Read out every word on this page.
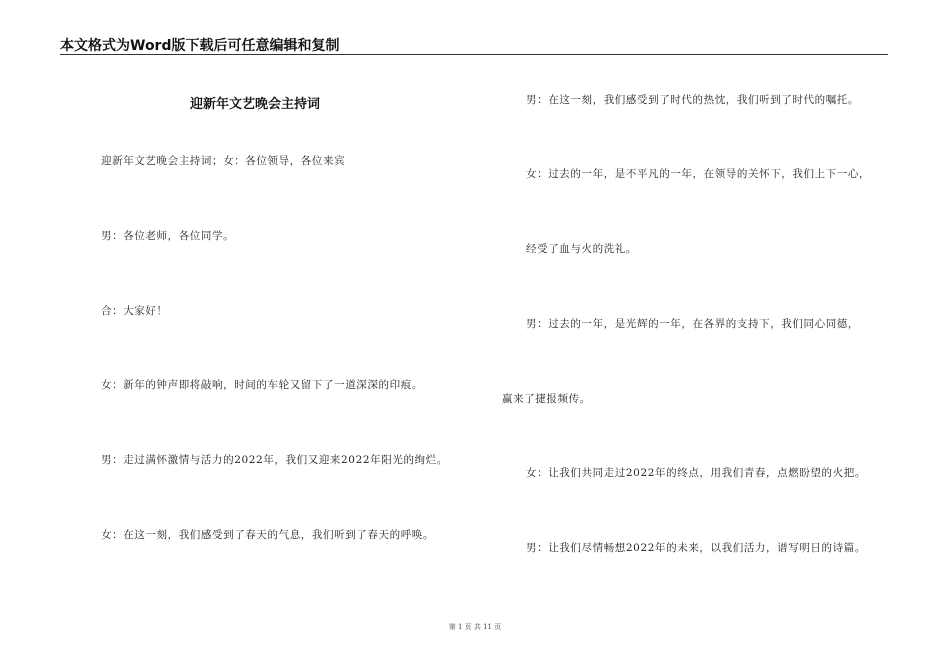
本文格式为Word版下载后可任意编辑和复制
迎新年文艺晚会主持词
迎新年文艺晚会主持词；女：各位领导，各位来宾
男：各位老师，各位同学。
合：大家好！
女：新年的钟声即将敲响，时间的车轮又留下了一道深深的印痕。
男：走过满怀激情与活力的2022年，我们又迎来2022年阳光的绚烂。
女：在这一刻，我们感受到了春天的气息，我们听到了春天的呼唤。
男：在这一刻，我们感受到了时代的热忱，我们听到了时代的嘱托。
女：过去的一年，是不平凡的一年，在领导的关怀下，我们上下一心，
经受了血与火的洗礼。
男：过去的一年，是光辉的一年，在各界的支持下，我们同心同德，
赢来了捷报频传。
女：让我们共同走过2022年的终点，用我们青春，点燃盼望的火把。
男：让我们尽情畅想2022年的未来，以我们活力，谱写明日的诗篇。
第 1 页 共 11 页
